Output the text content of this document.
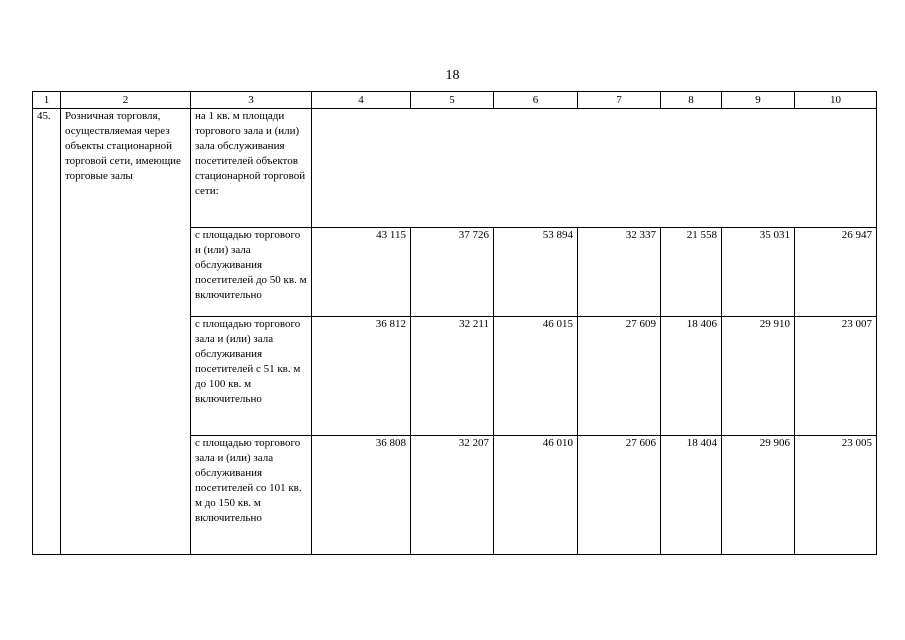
18
1	2	3	4	5	6	7	8	9	10
45.	Розничная торговля, осуществляемая через объекты стационарной торговой сети, имеющие торговые залы	на 1 кв. м площади торгового зала и (или) зала обслуживания посетителей объектов стационарной торговой сети:							
		с площадью торгового и (или) зала обслуживания посетителей до 50 кв. м включительно	43 115	37 726	53 894	32 337	21 558	35 031	26 947
		с площадью торгового зала и (или) зала обслуживания посетителей с 51 кв. м до 100 кв. м включительно	36 812	32 211	46 015	27 609	18 406	29 910	23 007
		с площадью торгового зала и (или) зала обслуживания посетителей со 101 кв. м до 150 кв. м включительно	36 808	32 207	46 010	27 606	18 404	29 906	23 005
